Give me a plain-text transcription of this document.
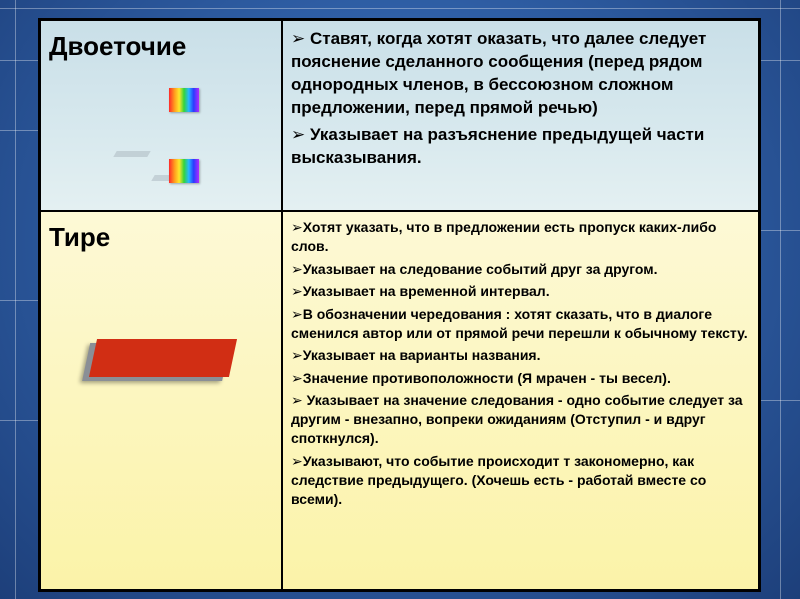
Двоеточие	➢ Ставят, когда хотят оказать, что далее следует пояснение сделанного сообщения (перед рядом однородных членов, в бессоюзном сложном предложении, перед прямой речью)

➢ Указывает на разъяснение предыдущей части высказывания.

Тире	➢Хотят указать, что в предложении есть пропуск каких-либо слов.

➢Указывает на следование событий друг за другом.

➢Указывает на временной интервал.

➢В обозначении чередования : хотят сказать, что в диалоге сменился автор или от прямой речи перешли к обычному тексту.

➢Указывает на варианты названия.

➢Значение противоположности (Я мрачен - ты весел).

➢ Указывает на значение следования - одно событие следует за другим - внезапно, вопреки ожиданиям (Отступил - и вдруг споткнулся).

➢Указывают, что событие происходит т закономерно, как следствие предыдущего. (Хочешь есть - работай вместе со всеми).
